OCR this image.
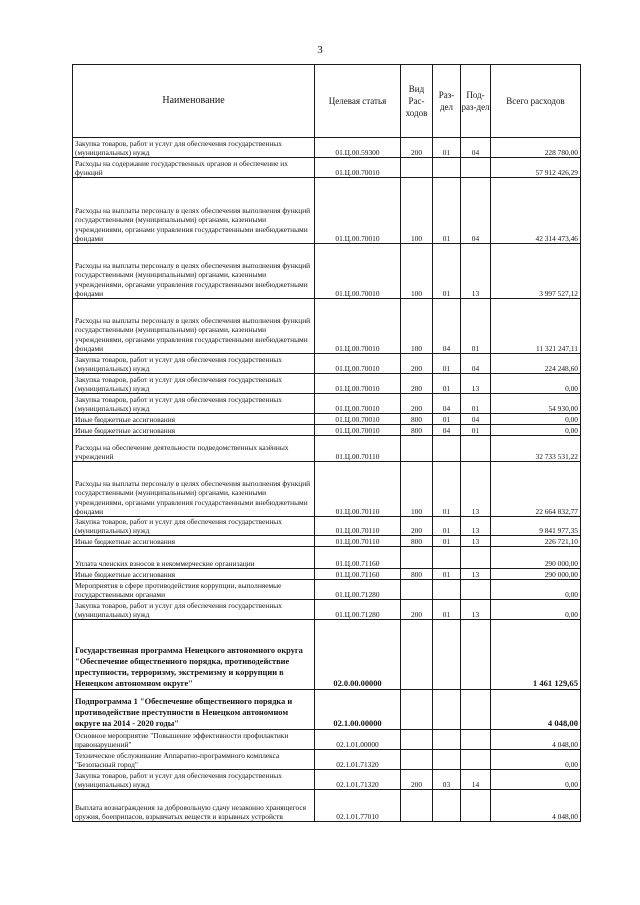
3
Наименование	Целевая статья	Вид Рас-ходов	Раз-дел	Под-раз-дел	Всего расходов
Закупка товаров, работ и услуг для обеспечения государственных (муниципальных) нужд	01.Ц.00.59300	200	01	04	228 780,00
Расходы на содержание государственных органов и обеспечение их функций	01.Ц.00.70010				57 912 426,29
Расходы на выплаты персоналу в целях обеспечения выполнения функций государственными (муниципальными) органами, казенными учреждениями, органами управления государственными внебюджетными фондами	01.Ц.00.70010	100	01	04	42 314 473,46
Расходы на выплаты персоналу в целях обеспечения выполнения функций государственными (муниципальными) органами, казенными учреждениями, органами управления государственными внебюджетными фондами	01.Ц.00.70010	100	01	13	3 997 527,12
Расходы на выплаты персоналу в целях обеспечения выполнения функций государственными (муниципальными) органами, казенными учреждениями, органами управления государственными внебюджетными фондами	01.Ц.00.70010	100	04	01	11 321 247,11
Закупка товаров, работ и услуг для обеспечения государственных (муниципальных) нужд	01.Ц.00.70010	200	01	04	224 248,60
Закупка товаров, работ и услуг для обеспечения государственных (муниципальных) нужд	01.Ц.00.70010	200	01	13	0,00
Закупка товаров, работ и услуг для обеспечения государственных (муниципальных) нужд	01.Ц.00.70010	200	04	01	54 930,00
Иные бюджетные ассигнования	01.Ц.00.70010	800	01	04	0,00
Иные бюджетные ассигнования	01.Ц.00.70010	800	04	01	0,00
Расходы на обеспечение деятельности подведомственных казённых учреждений	01.Ц.00.70110				32 733 531,22
Расходы на выплаты персоналу в целях обеспечения выполнения функций государственными (муниципальными) органами, казенными учреждениями, органами управления государственными внебюджетными фондами	01.Ц.00.70110	100	01	13	22 664 832,77
Закупка товаров, работ и услуг для обеспечения государственных (муниципальных) нужд	01.Ц.00.70110	200	01	13	9 841 977,35
Иные бюджетные ассигнования	01.Ц.00.70110	800	01	13	226 721,10
Уплата членских взносов в некоммерческие организации	01.Ц.00.71160				290 000,00
Иные бюджетные ассигнования	01.Ц.00.71160	800	01	13	290 000,00
Мероприятия в сфере противодействия коррупции, выполняемые государственными органами	01.Ц.00.71280				0,00
Закупка товаров, работ и услуг для обеспечения государственных (муниципальных) нужд	01.Ц.00.71280	200	01	13	0,00
Государственная программа Ненецкого автономного округа "Обеспечение общественного порядка, противодействие преступности, терроризму, экстремизму и коррупции в Ненецком автономном округе"	02.0.00.00000				1 461 129,65
Подпрограмма 1 "Обеспечение общественного порядка и противодействие преступности в Ненецком автономном округе на 2014 - 2020 годы"	02.1.00.00000				4 048,00
Основное мероприятие "Повышение эффективности профилактики правонарушений"	02.1.01.00000				4 048,00
Техническое обслуживание Аппаратно-программного комплекса "Безопасный город"	02.1.01.71320				0,00
Закупка товаров, работ и услуг для обеспечения государственных (муниципальных) нужд	02.1.01.71320	200	03	14	0,00
Выплата вознаграждения за добровольную сдачу незаконно хранящегося оружия, боеприпасов, взрывчатых веществ и взрывных устройств	02.1.01.77010				4 048,00
